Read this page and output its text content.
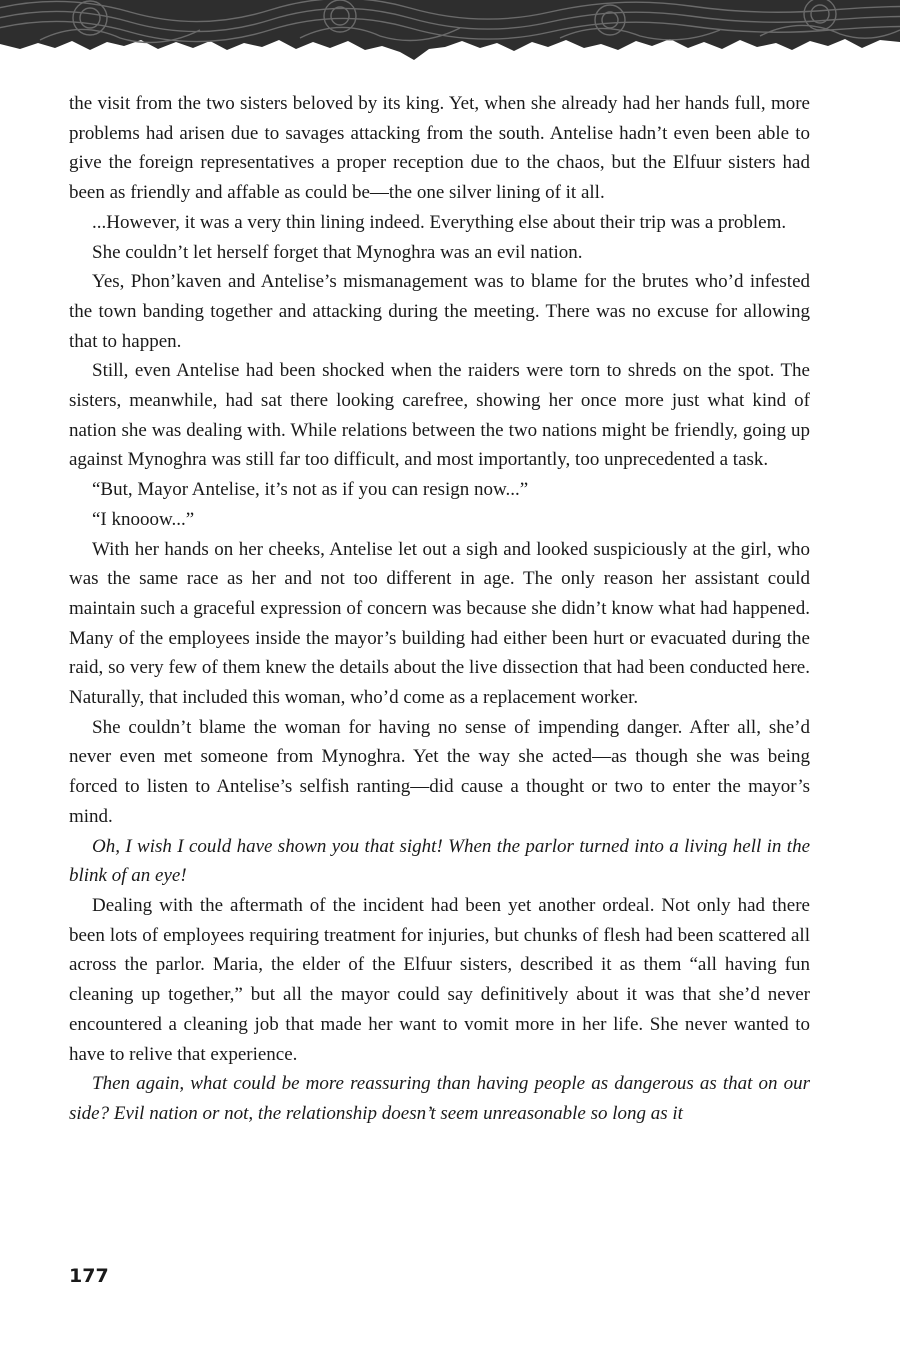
the visit from the two sisters beloved by its king. Yet, when she already had her hands full, more problems had arisen due to savages attacking from the south. Antelise hadn’t even been able to give the foreign representatives a proper reception due to the chaos, but the Elfuur sisters had been as friendly and affable as could be—the one silver lining of it all.

...However, it was a very thin lining indeed. Everything else about their trip was a problem.

She couldn’t let herself forget that Mynoghra was an evil nation.

Yes, Phon’kaven and Antelise’s mismanagement was to blame for the brutes who’d infested the town banding together and attacking during the meeting. There was no excuse for allowing that to happen.

Still, even Antelise had been shocked when the raiders were torn to shreds on the spot. The sisters, meanwhile, had sat there looking carefree, showing her once more just what kind of nation she was dealing with. While relations between the two nations might be friendly, going up against Mynoghra was still far too difficult, and most importantly, too unprecedented a task.

“But, Mayor Antelise, it’s not as if you can resign now...”

“I knooow...”

With her hands on her cheeks, Antelise let out a sigh and looked suspiciously at the girl, who was the same race as her and not too different in age. The only reason her assistant could maintain such a graceful expression of concern was because she didn’t know what had happened. Many of the employees inside the mayor’s building had either been hurt or evacuated during the raid, so very few of them knew the details about the live dissection that had been conducted here. Naturally, that included this woman, who’d come as a replacement worker.

She couldn’t blame the woman for having no sense of impending danger. After all, she’d never even met someone from Mynoghra. Yet the way she acted—as though she was being forced to listen to Antelise’s selfish ranting—did cause a thought or two to enter the mayor’s mind.

Oh, I wish I could have shown you that sight! When the parlor turned into a living hell in the blink of an eye!

Dealing with the aftermath of the incident had been yet another ordeal. Not only had there been lots of employees requiring treatment for injuries, but chunks of flesh had been scattered all across the parlor. Maria, the elder of the Elfuur sisters, described it as them “all having fun cleaning up together,” but all the mayor could say definitively about it was that she’d never encountered a cleaning job that made her want to vomit more in her life. She never wanted to have to relive that experience.

Then again, what could be more reassuring than having people as dangerous as that on our side? Evil nation or not, the relationship doesn’t seem unreasonable so long as it

177
